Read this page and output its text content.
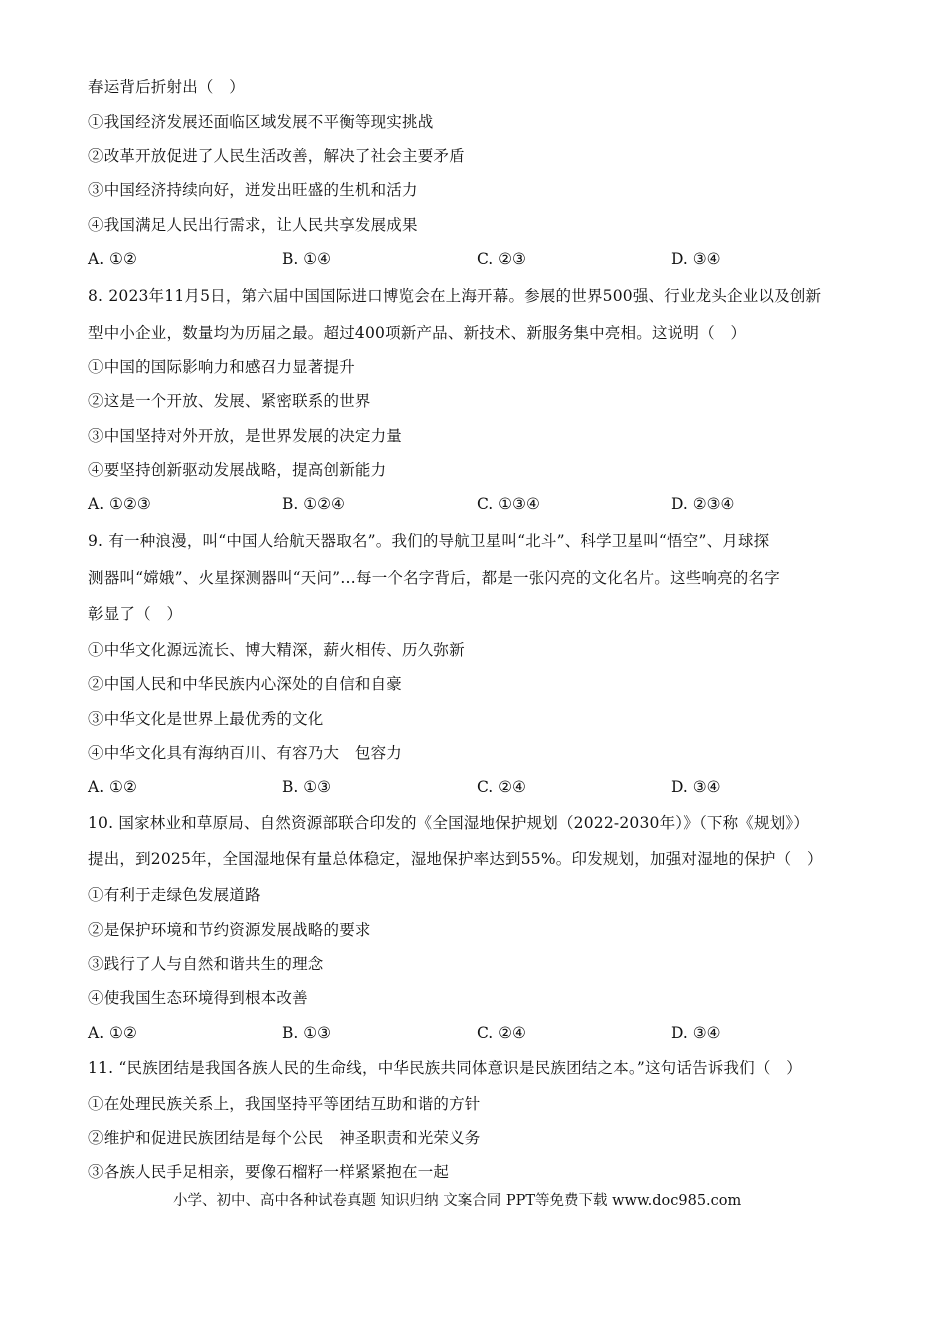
春运背后折射出（　）
①我国经济发展还面临区域发展不平衡等现实挑战
②改革开放促进了人民生活改善，解决了社会主要矛盾
③中国经济持续向好，迸发出旺盛的生机和活力
④我国满足人民出行需求，让人民共享发展成果
A. ①②	B. ①④	C. ②③	D. ③④
8. 2023年11月5日，第六届中国国际进口博览会在上海开幕。参展的世界500强、行业龙头企业以及创新
型中小企业，数量均为历届之最。超过400项新产品、新技术、新服务集中亮相。这说明（　）
①中国的国际影响力和感召力显著提升
②这是一个开放、发展、紧密联系的世界
③中国坚持对外开放，是世界发展的决定力量
④要坚持创新驱动发展战略，提高创新能力
A. ①②③	B. ①②④	C. ①③④	D. ②③④
9. 有一种浪漫，叫“中国人给航天器取名”。我们的导航卫星叫“北斗”、科学卫星叫“悟空”、月球探
测器叫“嫦娥”、火星探测器叫“天问”…每一个名字背后，都是一张闪亮的文化名片。这些响亮的名字
彰显了（　）
①中华文化源远流长、博大精深，薪火相传、历久弥新
②中国人民和中华民族内心深处的自信和自豪
③中华文化是世界上最优秀的文化
④中华文化具有海纳百川、有容乃大　包容力
A. ①②	B. ①③	C. ②④	D. ③④
10. 国家林业和草原局、自然资源部联合印发的《全国湿地保护规划（2022-2030年）》（下称《规划》）
提出，到2025年，全国湿地保有量总体稳定，湿地保护率达到55%。印发规划，加强对湿地的保护（　）
①有利于走绿色发展道路
②是保护环境和节约资源发展战略的要求
③践行了人与自然和谐共生的理念
④使我国生态环境得到根本改善
A. ①②	B. ①③	C. ②④	D. ③④
11. “民族团结是我国各族人民的生命线，中华民族共同体意识是民族团结之本。”这句话告诉我们（　）
①在处理民族关系上，我国坚持平等团结互助和谐的方针
②维护和促进民族团结是每个公民　神圣职责和光荣义务
③各族人民手足相亲，要像石榴籽一样紧紧抱在一起
小学、初中、高中各种试卷真题 知识归纳 文案合同 PPT等免费下载 www.doc985.com
